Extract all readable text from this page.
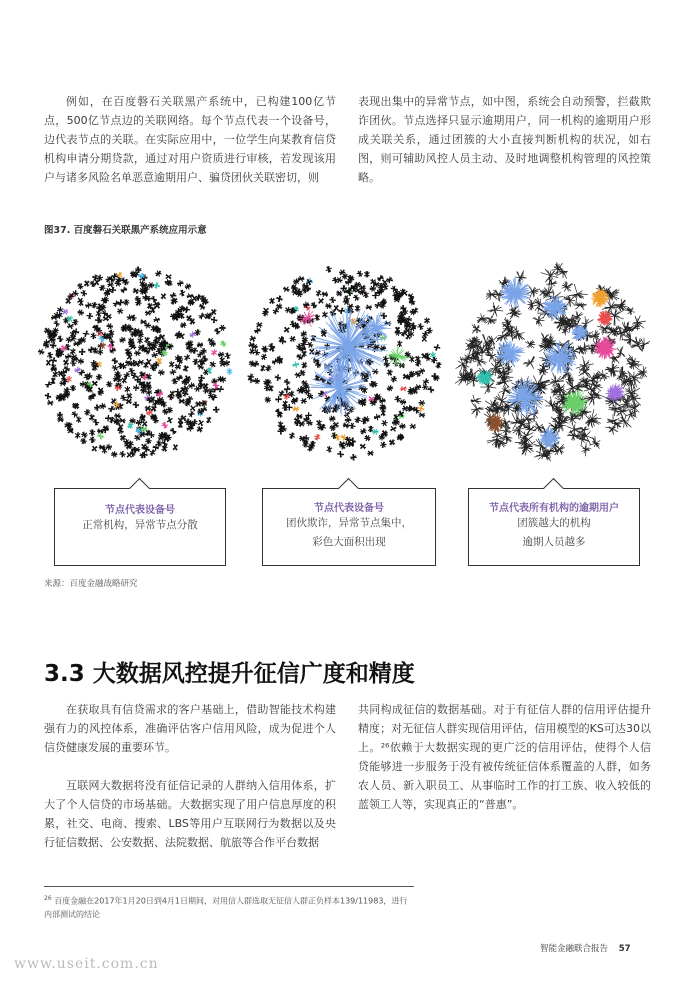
例如，在百度磐石关联黑产系统中，已构建100亿节点，500亿节点边的关联网络。每个节点代表一个设备号，边代表节点的关联。在实际应用中，一位学生向某教育信贷机构申请分期贷款，通过对用户资质进行审核，若发现该用户与诸多风险名单恶意逾期用户、骗贷团伙关联密切，则

表现出集中的异常节点，如中图，系统会自动预警，拦截欺诈团伙。节点选择只显示逾期用户，同一机构的逾期用户形成关联关系，通过团簇的大小直接判断机构的状况，如右图，则可辅助风控人员主动、及时地调整机构管理的风控策略。

图37. 百度磐石关联黑产系统应用示意
节点代表设备号
正常机构，异常节点分散
节点代表设备号
团伙欺诈，异常节点集中，
彩色大面积出现
节点代表所有机构的逾期用户
团簇越大的机构
逾期人员越多
来源：百度金融战略研究
3.3 大数据风控提升征信广度和精度

在获取具有信贷需求的客户基础上，借助智能技术构建强有力的风控体系，准确评估客户信用风险，成为促进个人信贷健康发展的重要环节。

互联网大数据将没有征信记录的人群纳入信用体系，扩大了个人信贷的市场基础。大数据实现了用户信息厚度的积累，社交、电商、搜索、LBS等用户互联网行为数据以及央行征信数据、公安数据、法院数据、航旅等合作平台数据

共同构成征信的数据基础。对于有征信人群的信用评估提升精度；对无征信人群实现信用评估，信用模型的KS可达30以上。²⁶依赖于大数据实现的更广泛的信用评估，使得个人信贷能够进一步服务于没有被传统征信体系覆盖的人群，如务农人员、新入职员工、从事临时工作的打工族、收入较低的蓝领工人等，实现真正的“普惠”。

$^{26}$ 百度金融在2017年1月20日到4月1日期间，对用信人群选取无征信人群正负样本139/11983，进行内部测试的结论
智能金融联合报告 57
www.useit.com.cn
